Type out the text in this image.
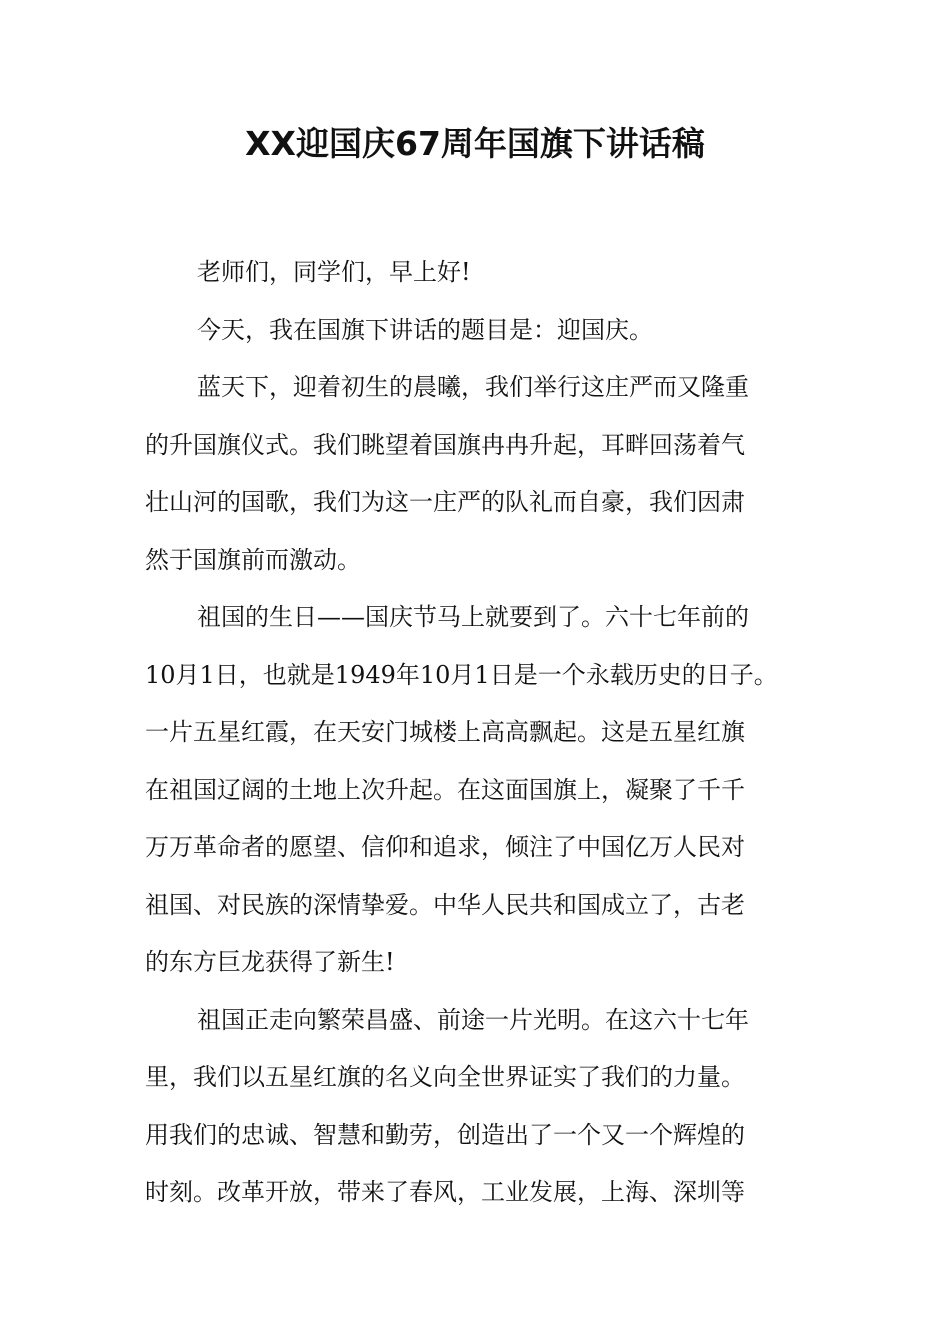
XX迎国庆67周年国旗下讲话稿

老师们，同学们，早上好!

今天，我在国旗下讲话的题目是：迎国庆。

蓝天下，迎着初生的晨曦，我们举行这庄严而又隆重
的升国旗仪式。我们眺望着国旗冉冉升起，耳畔回荡着气
壮山河的国歌，我们为这一庄严的队礼而自豪，我们因肃
然于国旗前而激动。

祖国的生日——国庆节马上就要到了。六十七年前的
10月1日，也就是1949年10月1日是一个永载历史的日子。
一片五星红霞，在天安门城楼上高高飘起。这是五星红旗
在祖国辽阔的土地上次升起。在这面国旗上，凝聚了千千
万万革命者的愿望、信仰和追求，倾注了中国亿万人民对
祖国、对民族的深情挚爱。中华人民共和国成立了，古老
的东方巨龙获得了新生!

祖国正走向繁荣昌盛、前途一片光明。在这六十七年
里，我们以五星红旗的名义向全世界证实了我们的力量。
用我们的忠诚、智慧和勤劳，创造出了一个又一个辉煌的
时刻。改革开放，带来了春风，工业发展，上海、深圳等
